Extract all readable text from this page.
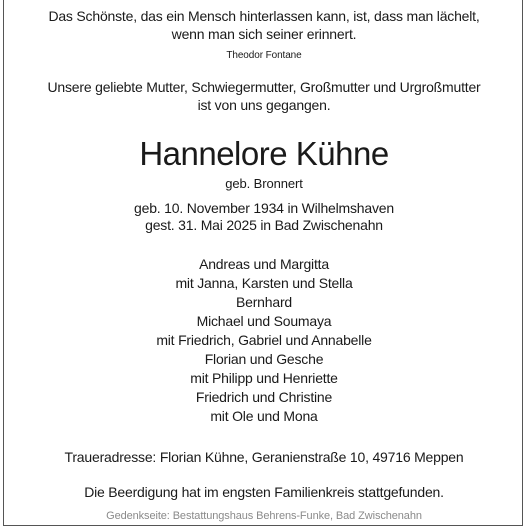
Das Schönste, das ein Mensch hinterlassen kann, ist, dass man lächelt,
wenn man sich seiner erinnert.
Theodor Fontane
Unsere geliebte Mutter, Schwiegermutter, Großmutter und Urgroßmutter
ist von uns gegangen.
Hannelore Kühne
geb. Bronnert
geb. 10. November 1934 in Wilhelmshaven
gest. 31. Mai 2025 in Bad Zwischenahn
Andreas und Margitta
mit Janna, Karsten und Stella
Bernhard
Michael und Soumaya
mit Friedrich, Gabriel und Annabelle
Florian und Gesche
mit Philipp und Henriette
Friedrich und Christine
mit Ole und Mona
Traueradresse: Florian Kühne, Geranienstraße 10, 49716 Meppen
Die Beerdigung hat im engsten Familienkreis stattgefunden.
Gedenkseite: Bestattungshaus Behrens-Funke, Bad Zwischenahn
